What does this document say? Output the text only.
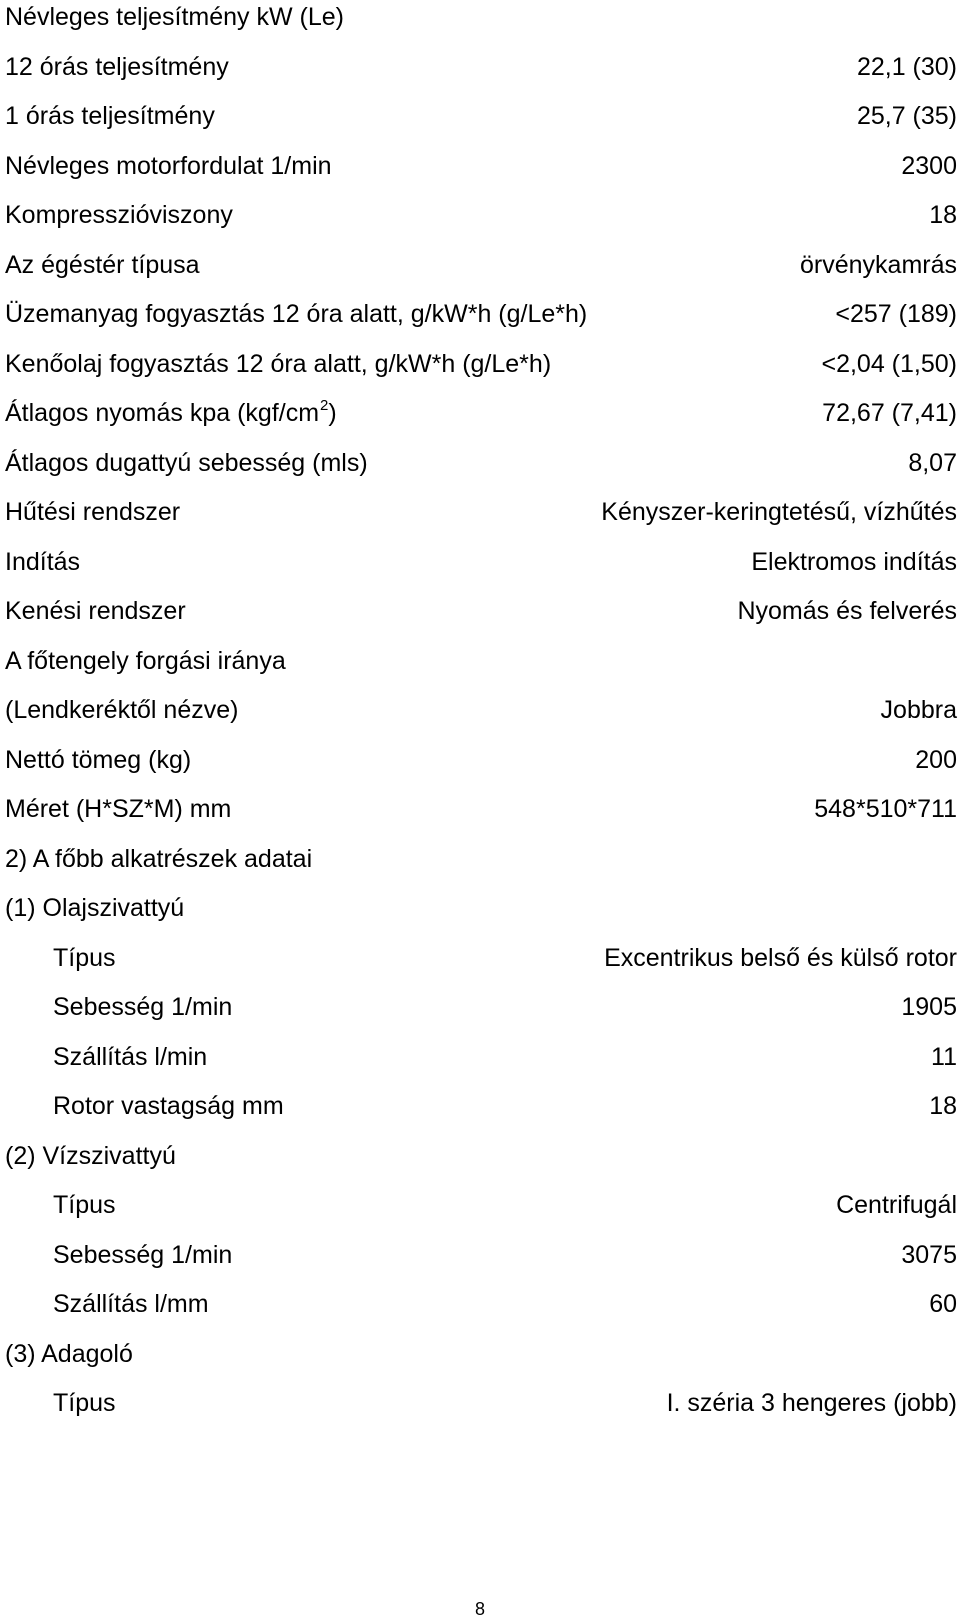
Névleges teljesítmény kW (Le)
12 órás teljesítmény	22,1 (30)
1 órás teljesítmény	25,7 (35)
Névleges motorfordulat 1/min	2300
Kompresszióviszony	18
Az égéstér típusa	örvénykamrás
Üzemanyag fogyasztás 12 óra alatt, g/kW*h (g/Le*h)	<257 (189)
Kenőolaj fogyasztás 12 óra alatt, g/kW*h (g/Le*h)	<2,04 (1,50)
Átlagos nyomás kpa $(kgf/cm^2)$	72,67 (7,41)
Átlagos dugattyú sebesség (mls)	8,07
Hűtési rendszer	Kényszer-keringtetésű, vízhűtés
Indítás	Elektromos indítás
Kenési rendszer	Nyomás és felverés
A főtengely forgási iránya
(Lendkeréktől nézve)	Jobbra
Nettó tömeg (kg)	200
Méret (H*SZ*M) mm	548*510*711
2) A főbb alkatrészek adatai
(1) Olajszivattyú
Típus	Excentrikus belső és külső rotor
Sebesség 1/min	1905
Szállítás l/min	11
Rotor vastagság mm	18
(2) Vízszivattyú
Típus	Centrifugál
Sebesség 1/min	3075
Szállítás l/mm	60
(3) Adagoló
Típus	I. széria 3 hengeres (jobb)
8
